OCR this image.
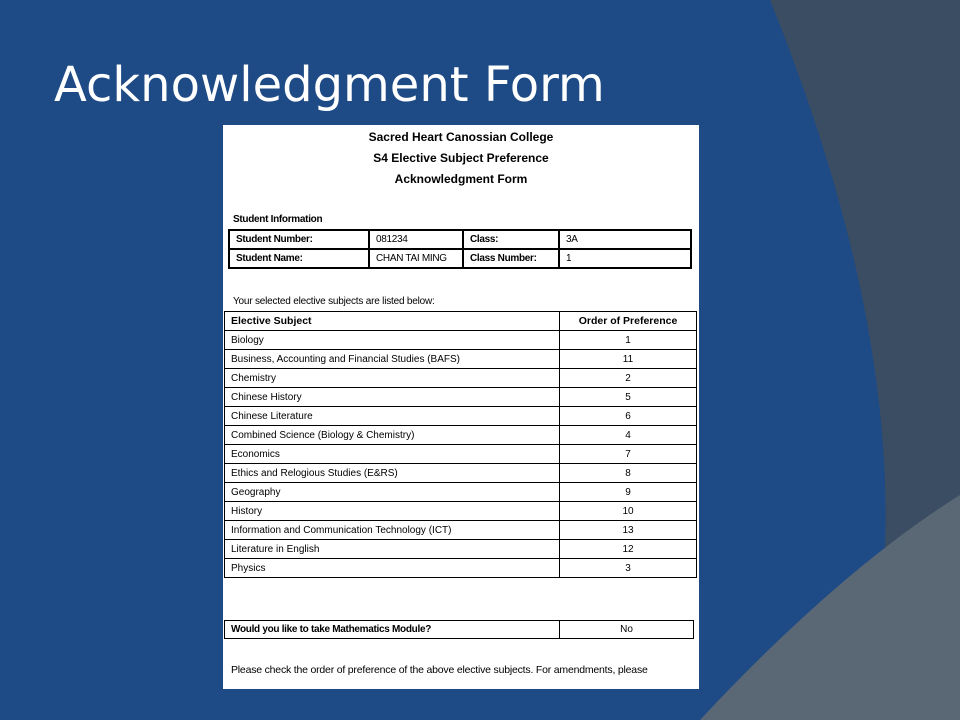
Acknowledgment Form
Sacred Heart Canossian College
S4 Elective Subject Preference
Acknowledgment Form
Student Information
Student Number:	081234	Class:	3A
Student Name:	CHAN TAI MING	Class Number:	1
Your selected elective subjects are listed below:
Elective Subject	Order of Preference
Biology	1
Business, Accounting and Financial Studies (BAFS)	11
Chemistry	2
Chinese History	5
Chinese Literature	6
Combined Science (Biology & Chemistry)	4
Economics	7
Ethics and Relogious Studies (E&RS)	8
Geography	9
History	10
Information and Communication Technology (ICT)	13
Literature in English	12
Physics	3
Would you like to take Mathematics Module?	No
Please check the order of preference of the above elective subjects. For amendments, please
